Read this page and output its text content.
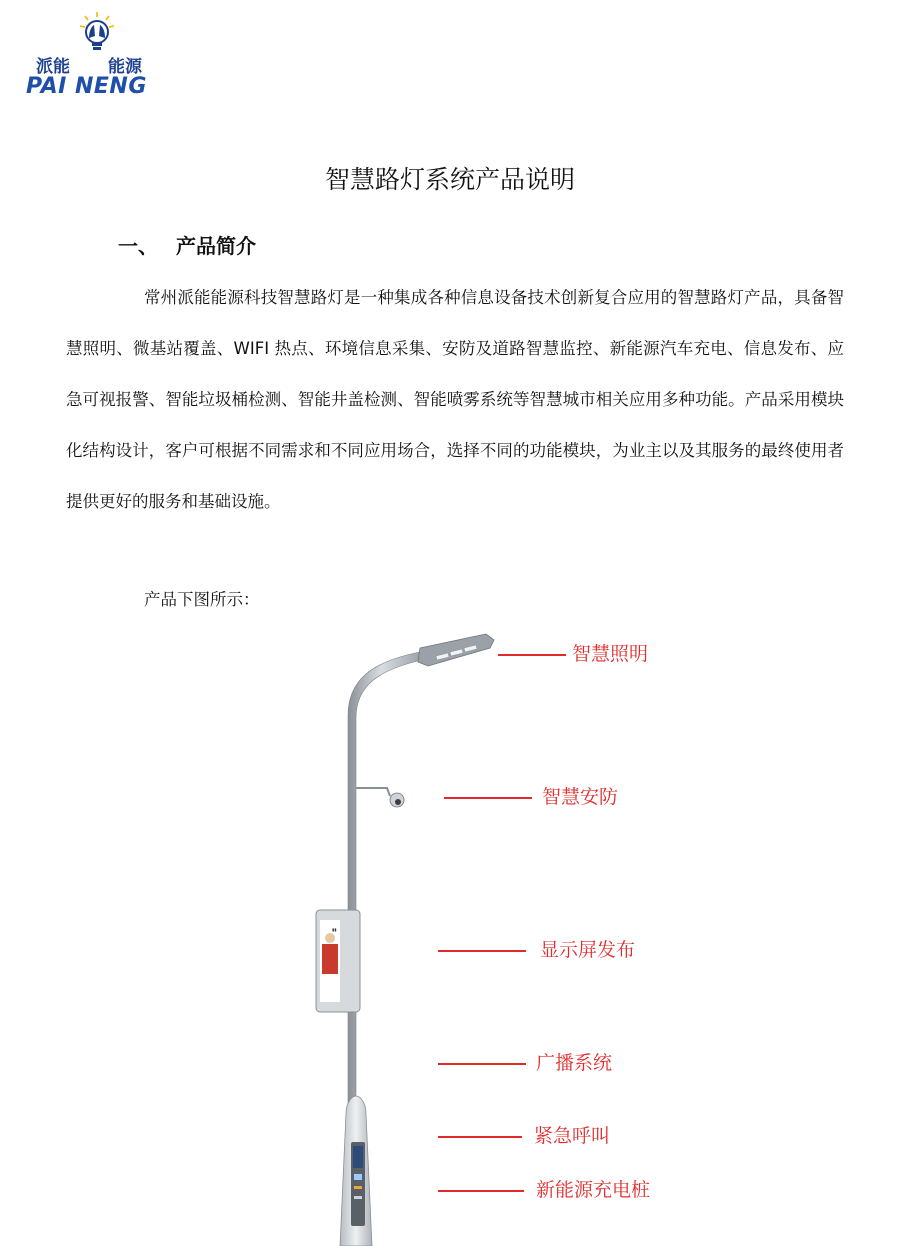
派能 能源
PAI NENG
智慧路灯系统产品说明
一、 产品简介

常州派能能源科技智慧路灯是一种集成各种信息设备技术创新复合应用的智慧路灯产品，具备智慧照明、微基站覆盖、WIFI 热点、环境信息采集、安防及道路智慧监控、新能源汽车充电、信息发布、应急可视报警、智能垃圾桶检测、智能井盖检测、智能喷雾系统等智慧城市相关应用多种功能。产品采用模块化结构设计，客户可根据不同需求和不同应用场合，选择不同的功能模块，为业主以及其服务的最终使用者提供更好的服务和基础设施。

产品下图所示：

▮▮
智慧照明
智慧安防
显示屏发布
广播系统
紧急呼叫
新能源充电桩
